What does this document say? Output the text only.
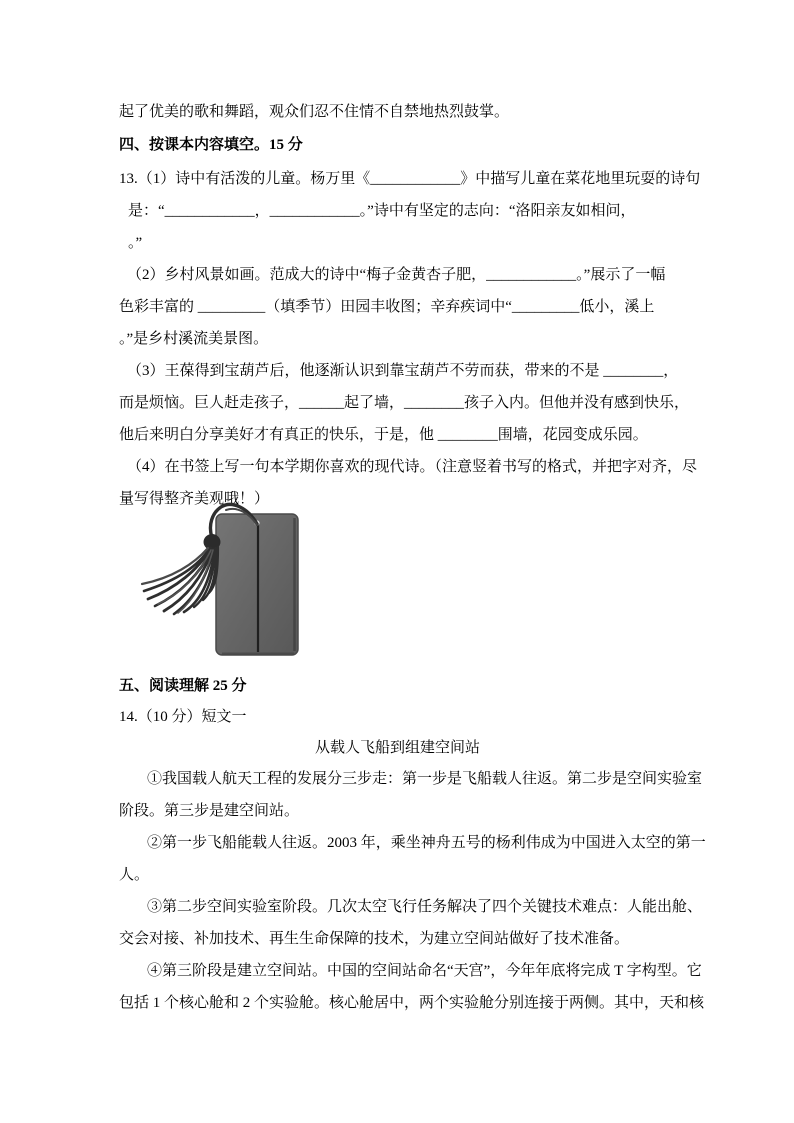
起了优美的歌和舞蹈，观众们忍不住情不自禁地热烈鼓掌。
四、按课本内容填空。15 分
13.（1）诗中有活泼的儿童。杨万里《____________》中描写儿童在菜花地里玩耍的诗句
是：“____________，____________。”诗中有坚定的志向：“洛阳亲友如相问，
。”
（2）乡村风景如画。范成大的诗中“梅子金黄杏子肥，____________。”展示了一幅
色彩丰富的 _________（填季节）田园丰收图；辛弃疾词中“_________低小，溪上
。”是乡村溪流美景图。
（3）王葆得到宝葫芦后，他逐渐认识到靠宝葫芦不劳而获，带来的不是 ________，
而是烦恼。巨人赶走孩子，______起了墙，________孩子入内。但他并没有感到快乐，
他后来明白分享美好才有真正的快乐，于是，他 ________围墙，花园变成乐园。
（4）在书签上写一句本学期你喜欢的现代诗。（注意竖着书写的格式，并把字对齐，尽
量写得整齐美观哦！）
五、阅读理解 25 分
14.（10 分）短文一
从载人飞船到组建空间站
①我国载人航天工程的发展分三步走：第一步是飞船载人往返。第二步是空间实验室
阶段。第三步是建空间站。
②第一步飞船能载人往返。2003 年，乘坐神舟五号的杨利伟成为中国进入太空的第一
人。
③第二步空间实验室阶段。几次太空飞行任务解决了四个关键技术难点：人能出舱、
交会对接、补加技术、再生生命保障的技术，为建立空间站做好了技术准备。
④第三阶段是建立空间站。中国的空间站命名“天宫”，今年年底将完成 T 字构型。它
包括 1 个核心舱和 2 个实验舱。核心舱居中，两个实验舱分别连接于两侧。其中，天和核
